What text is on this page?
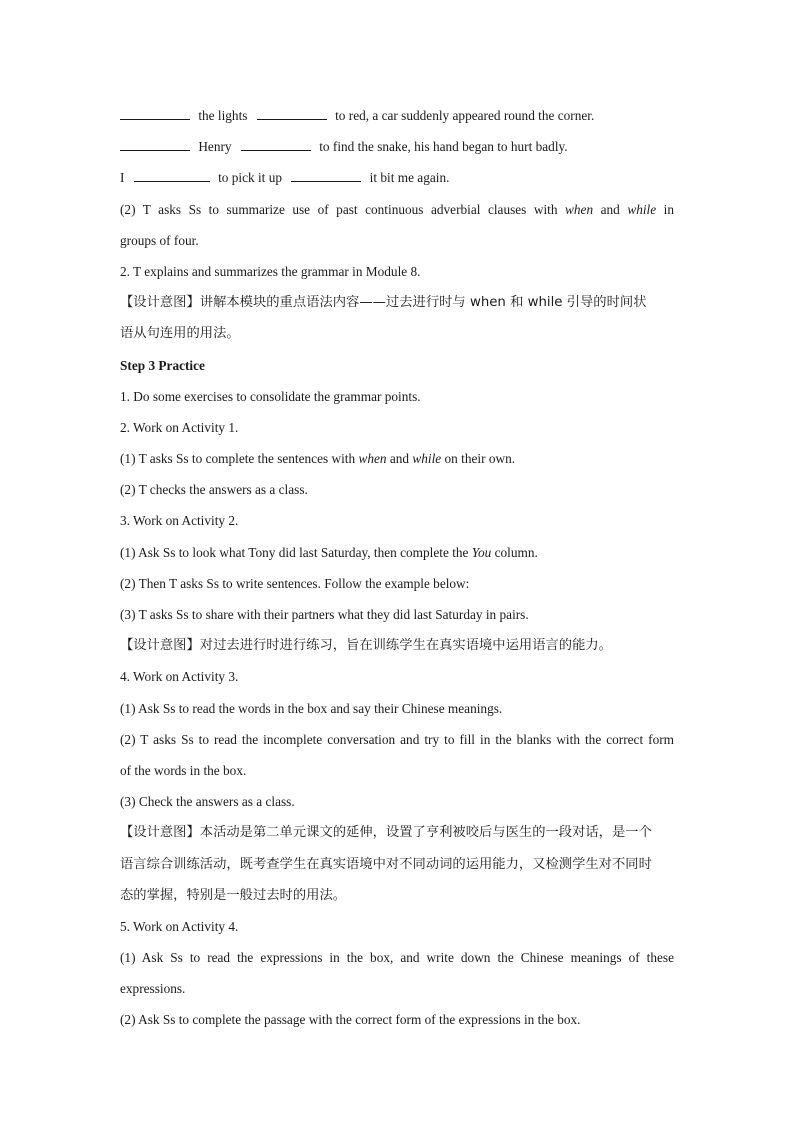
the lights	to red, a car suddenly appeared round the corner.
Henry	to find the snake, his hand began to hurt badly.
I	to pick it up	it bit me again.
(2) T asks Ss to summarize use of past continuous adverbial clauses with when and while in
groups of four.
2. T explains and summarizes the grammar in Module 8.
【设计意图】讲解本模块的重点语法内容——过去进行时与 when 和 while 引导的时间状
语从句连用的用法。
Step 3 Practice
1. Do some exercises to consolidate the grammar points.
2. Work on Activity 1.
(1) T asks Ss to complete the sentences with when and while on their own.
(2) T checks the answers as a class.
3. Work on Activity 2.
(1) Ask Ss to look what Tony did last Saturday, then complete the You column.
(2) Then T asks Ss to write sentences. Follow the example below:
(3) T asks Ss to share with their partners what they did last Saturday in pairs.
【设计意图】对过去进行时进行练习，旨在训练学生在真实语境中运用语言的能力。
4. Work on Activity 3.
(1) Ask Ss to read the words in the box and say their Chinese meanings.
(2) T asks Ss to read the incomplete conversation and try to fill in the blanks with the correct form
of the words in the box.
(3) Check the answers as a class.
【设计意图】本活动是第二单元课文的延伸，设置了亨利被咬后与医生的一段对话，是一个
语言综合训练活动，既考查学生在真实语境中对不同动词的运用能力，又检测学生对不同时
态的掌握，特别是一般过去时的用法。
5. Work on Activity 4.
(1) Ask Ss to read the expressions in the box, and write down the Chinese meanings of these
expressions.
(2) Ask Ss to complete the passage with the correct form of the expressions in the box.
